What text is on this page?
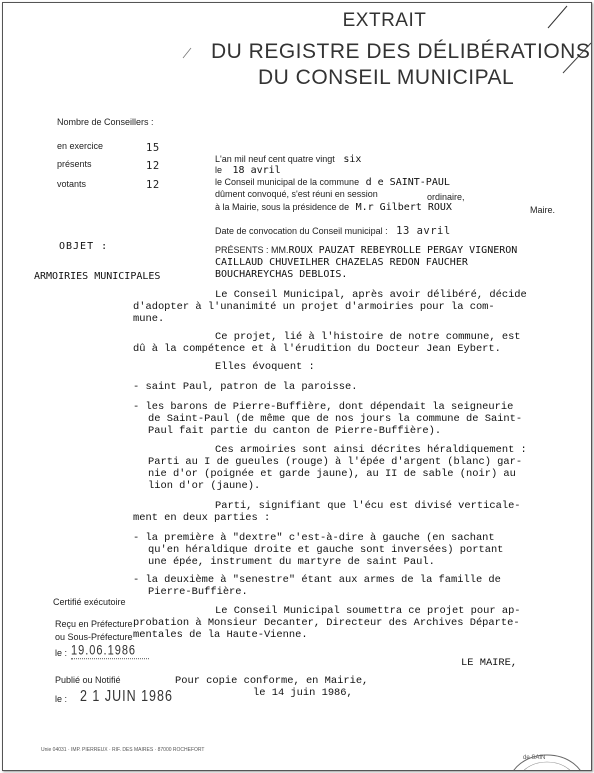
EXTRAIT
DU REGISTRE DES DÉLIBÉRATIONS
DU CONSEIL MUNICIPAL
Nombre de Conseillers :
en exercice	15
présents	12
votants	12
L'an mil neuf cent quatre vingt six
le 18 avril
le Conseil municipal de la commune d e SAINT-PAUL
dûment convoqué, s'est réuni en session	ordinaire,
à la Mairie, sous la présidence de M.r Gilbert ROUX	Maire.
Date de convocation du Conseil municipal : 13 avril
OBJET :
ARMOIRIES MUNICIPALES
PRÉSENTS : MM.ROUX PAUZAT REBEYROLLE PERGAY VIGNERON
CAILLAUD CHUVEILHER CHAZELAS REDON FAUCHER
BOUCHAREYCHAS DEBLOIS.
Le Conseil Municipal, après avoir délibéré, décide
d'adopter à l'unanimité un projet d'armoiries pour la com-
mune.
Ce projet, lié à l'histoire de notre commune, est
dû à la compétence et à l'érudition du Docteur Jean Eybert.
Elles évoquent :
- saint Paul, patron de la paroisse.
- les barons de Pierre-Buffière, dont dépendait la seigneurie
de Saint-Paul (de même que de nos jours la commune de Saint-
Paul fait partie du canton de Pierre-Buffière).
Ces armoiries sont ainsi décrites héraldiquement :
Parti au I de gueules (rouge) à l'épée d'argent (blanc) gar-
nie d'or (poignée et garde jaune), au II de sable (noir) au
lion d'or (jaune).
Parti, signifiant que l'écu est divisé verticale-
ment en deux parties :
- la première à "dextre" c'est-à-dire à gauche (en sachant
qu'en héraldique droite et gauche sont inversées) portant
une épée, instrument du martyre de saint Paul.
- la deuxième à "senestre" étant aux armes de la famille de
Pierre-Buffière.
Le Conseil Municipal soumettra ce projet pour ap-
probation à Monsieur Decanter, Directeur des Archives Départe-
mentales de la Haute-Vienne.
LE MAIRE,
Pour copie conforme, en Mairie,
le 14 juin 1986,
Certifié exécutoire
Reçu en Préfecture
ou Sous-Préfecture
le : 19.06.1986
Publié ou Notifié
le : 2 1 JUIN 1986
Unie 04031 · IMP. PIERREUX · RIF. DES MAIRES · 87000 ROCHEFORT
de SAIN
